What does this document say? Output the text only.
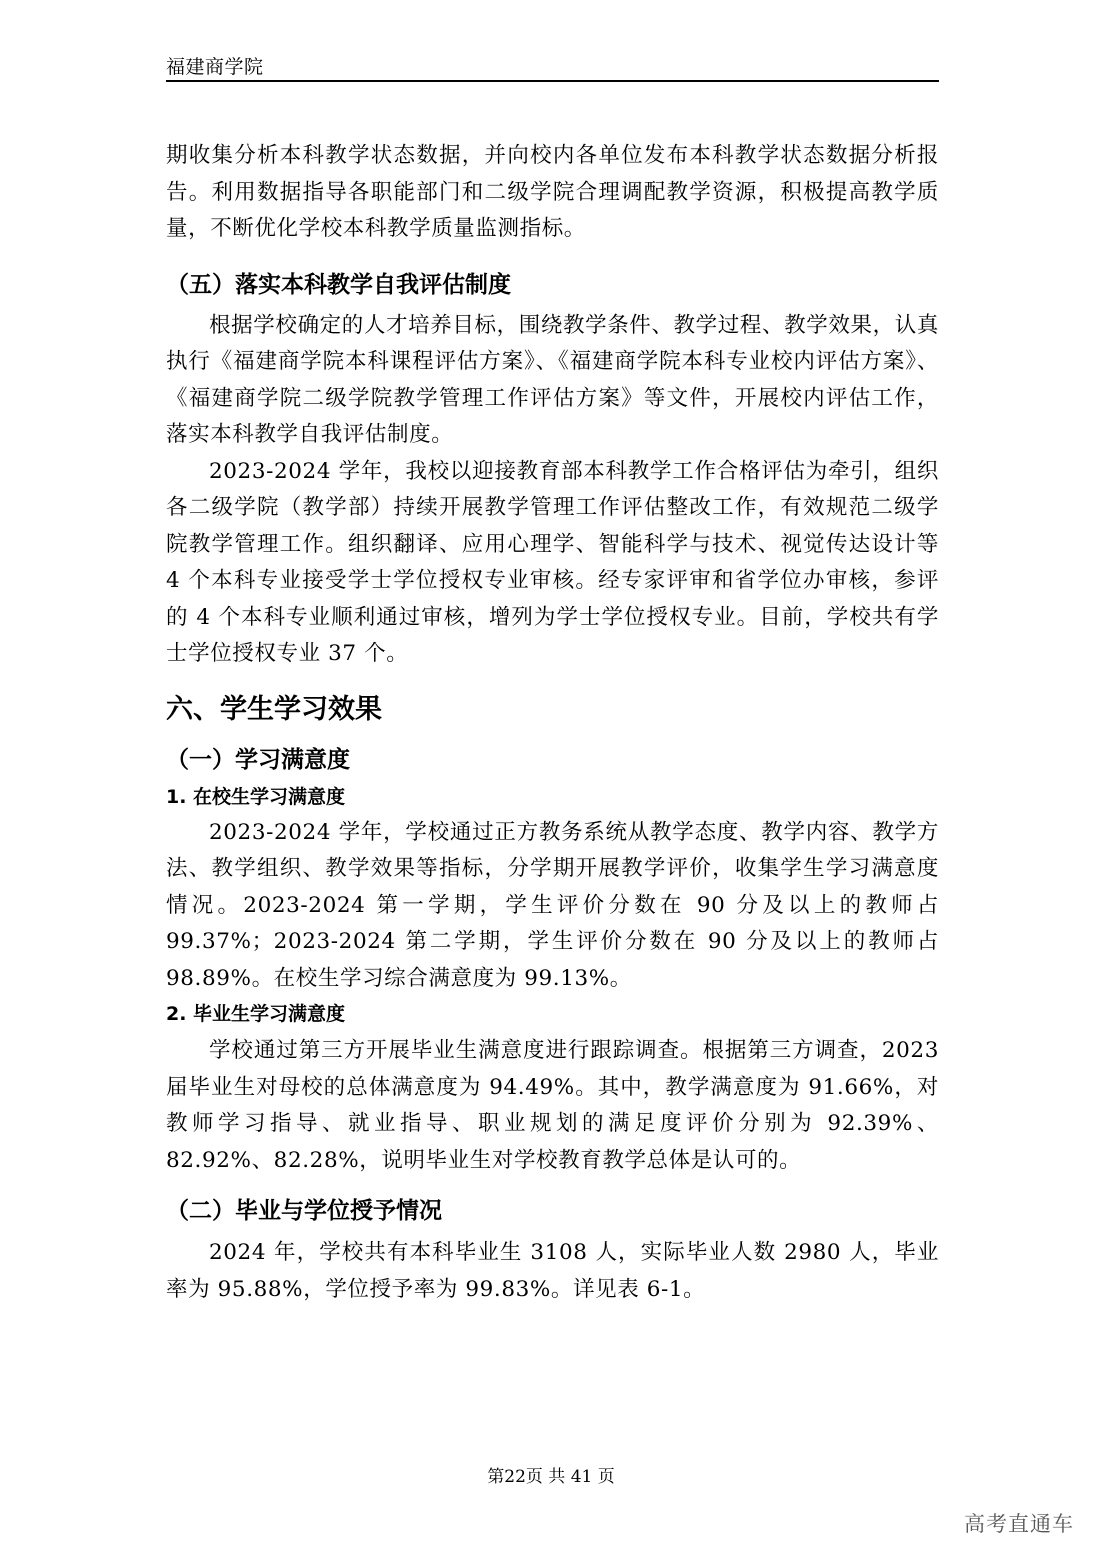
福建商学院

期收集分析本科教学状态数据，并向校内各单位发布本科教学状态数据分析报告。利用数据指导各职能部门和二级学院合理调配教学资源，积极提高教学质量，不断优化学校本科教学质量监测指标。

（五）落实本科教学自我评估制度

根据学校确定的人才培养目标，围绕教学条件、教学过程、教学效果，认真执行《福建商学院本科课程评估方案》、《福建商学院本科专业校内评估方案》、《福建商学院二级学院教学管理工作评估方案》等文件，开展校内评估工作，落实本科教学自我评估制度。

2023-2024 学年，我校以迎接教育部本科教学工作合格评估为牵引，组织各二级学院（教学部）持续开展教学管理工作评估整改工作，有效规范二级学院教学管理工作。组织翻译、应用心理学、智能科学与技术、视觉传达设计等 4 个本科专业接受学士学位授权专业审核。经专家评审和省学位办审核，参评的 4 个本科专业顺利通过审核，增列为学士学位授权专业。目前，学校共有学士学位授权专业 37 个。

六、学生学习效果
（一）学习满意度
1. 在校生学习满意度

2023-2024 学年，学校通过正方教务系统从教学态度、教学内容、教学方法、教学组织、教学效果等指标，分学期开展教学评价，收集学生学习满意度情况。2023-2024 第一学期，学生评价分数在 90 分及以上的教师占 99.37%；2023-2024 第二学期，学生评价分数在 90 分及以上的教师占 98.89%。在校生学习综合满意度为 99.13%。

2. 毕业生学习满意度

学校通过第三方开展毕业生满意度进行跟踪调查。根据第三方调查，2023 届毕业生对母校的总体满意度为 94.49%。其中，教学满意度为 91.66%，对教师学习指导、就业指导、职业规划的满足度评价分别为 92.39%、82.92%、82.28%，说明毕业生对学校教育教学总体是认可的。

（二）毕业与学位授予情况

2024 年，学校共有本科毕业生 3108 人，实际毕业人数 2980 人，毕业率为 95.88%，学位授予率为 99.83%。详见表 6-1。

第22页 共 41 页
高考直通车
